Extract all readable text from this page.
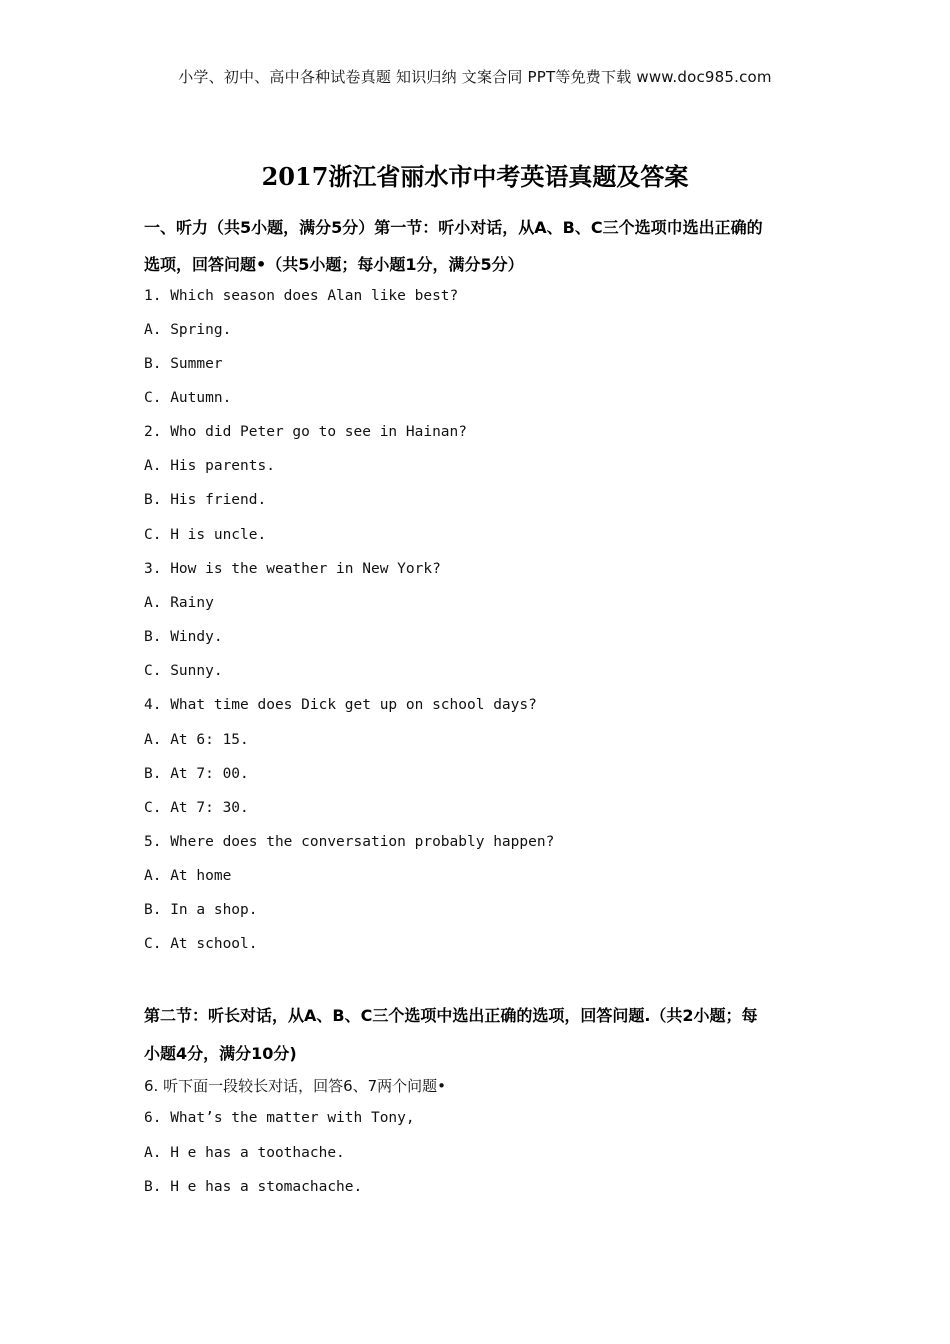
小学、初中、高中各种试卷真题 知识归纳 文案合同 PPT等免费下载 www.doc985.com
2017浙江省丽水市中考英语真题及答案
一、听力（共5小题，满分5分）第一节：听小对话，从A、B、C三个选项巾选出正确的
选项，回答问题•（共5小题；每小题1分，满分5分）
1. Which season does Alan like best?
A. Spring.
B. Summer
C. Autumn.
2. Who did Peter go to see in Hainan?
A. His parents.
B. His friend.
C. H is uncle.
3. How is the weather in New York?
A. Rainy
B. Windy.
C. Sunny.
4. What time does Dick get up on school days?
A. At 6: 15.
B. At 7: 00.
C. At 7: 30.
5. Where does the conversation probably happen?
A. At home
B. In a shop.
C. At school.
第二节：听长对话，从A、B、C三个选项中选出正确的选项，回答问题.（共2小题；每
小题4分，满分10分)
6. 听下面一段较长对话，回答6、7两个问题•
6. What’s the matter with Tony,
A. H e has a toothache.
B. H e has a stomachache.
